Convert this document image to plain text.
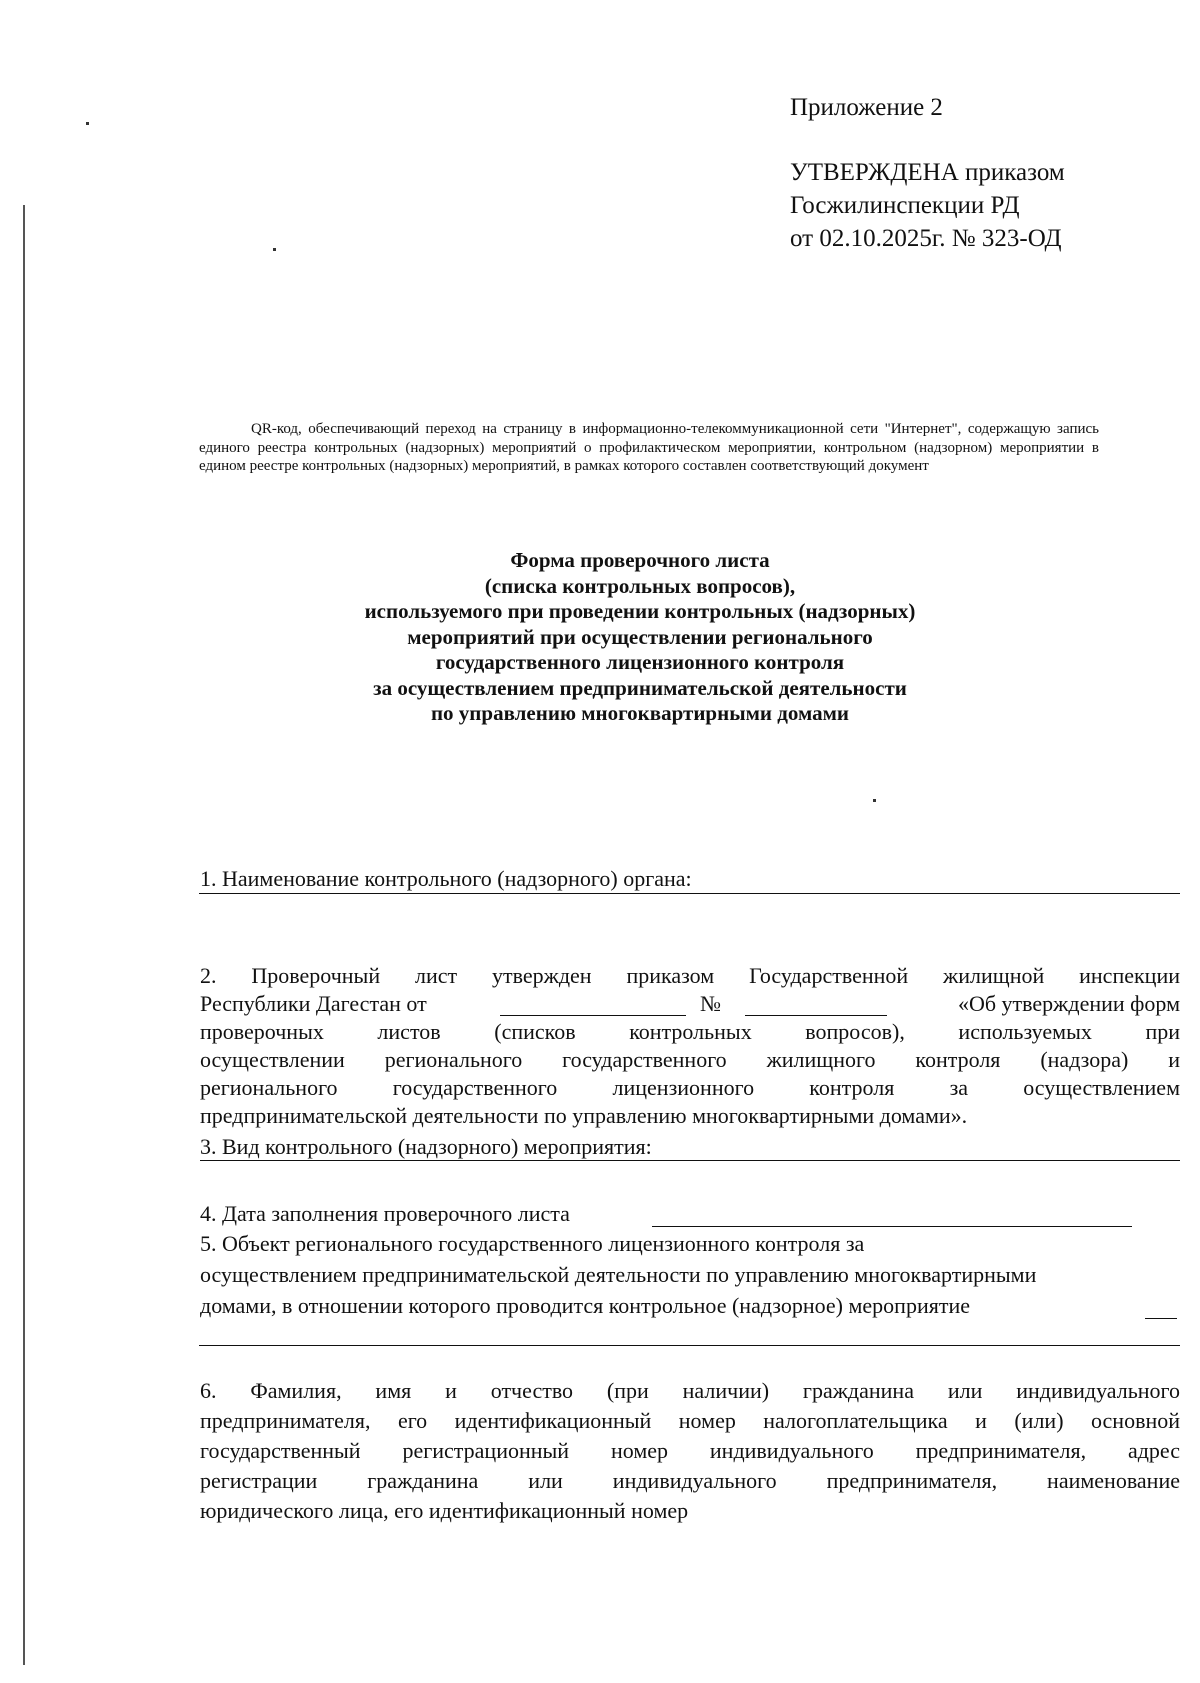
Приложение 2
УТВЕРЖДЕНА приказом
Госжилинспекции РД
от 02.10.2025г. № 323-ОД
QR-код, обеспечивающий переход на страницу в информационно-телекоммуникационной сети "Интернет", содержащую запись единого реестра контрольных (надзорных) мероприятий о профилактическом мероприятии, контрольном (надзорном) мероприятии в едином реестре контрольных (надзорных) мероприятий, в рамках которого составлен соответствующий документ
Форма проверочного листа
(списка контрольных вопросов),
используемого при проведении контрольных (надзорных)
мероприятий при осуществлении регионального
государственного лицензионного контроля
за осуществлением предпринимательской деятельности
по управлению многоквартирными домами
1. Наименование контрольного (надзорного) органа:
2. Проверочный лист утвержден приказом Государственной жилищной инспекции
Республики Дагестан от	№	«Об утверждении форм
проверочных листов (списков контрольных вопросов), используемых при
осуществлении регионального государственного жилищного контроля (надзора) и
регионального государственного лицензионного контроля за осуществлением
предпринимательской деятельности по управлению многоквартирными домами».
3. Вид контрольного (надзорного) мероприятия:
4. Дата заполнения проверочного листа
5. Объект регионального государственного лицензионного контроля за
осуществлением предпринимательской деятельности по управлению многоквартирными
домами, в отношении которого проводится контрольное (надзорное) мероприятие
6. Фамилия, имя и отчество (при наличии) гражданина или индивидуального
предпринимателя, его идентификационный номер налогоплательщика и (или) основной
государственный регистрационный номер индивидуального предпринимателя, адрес
регистрации гражданина или индивидуального предпринимателя, наименование
юридического лица, его идентификационный номер
